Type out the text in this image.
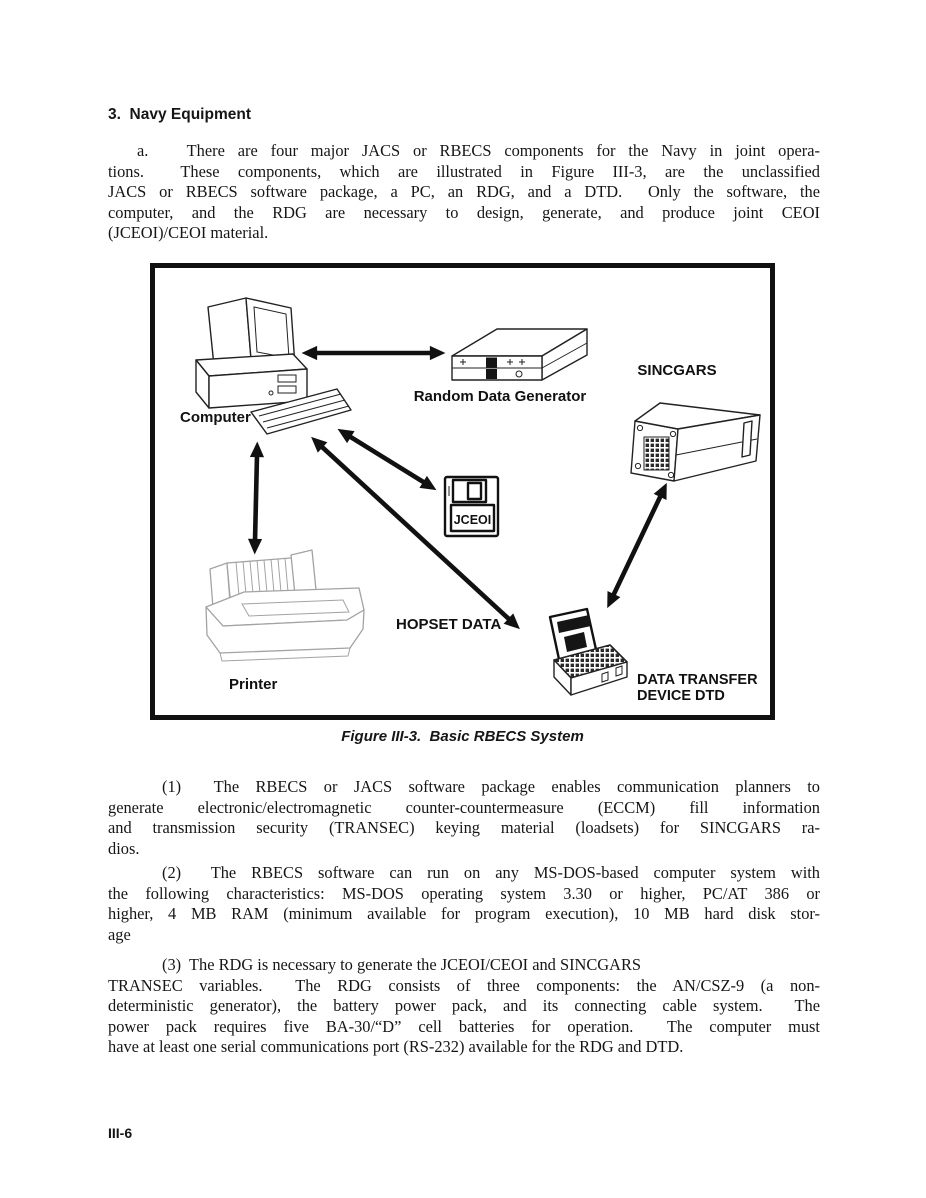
3.  Navy Equipment
a.   There are four major JACS or RBECS components for the Navy in joint opera-
tions.  These components, which are illustrated in Figure III-3, are the unclassified
JACS or RBECS software package, a PC, an RDG, and a DTD.  Only the software, the
computer, and the RDG are necessary to design, generate, and produce joint CEOI
(JCEOI)/CEOI material.
Computer
Random Data Generator
SINCGARS
JCEOI
HOPSET DATA
Printer	DATA TRANSFER
DEVICE DTD
Figure III-3.  Basic RBECS System
(1)  The RBECS or JACS software package enables communication planners to
generate electronic/electromagnetic counter-countermeasure (ECCM) fill information
and transmission security (TRANSEC) keying material (loadsets) for SINCGARS ra-
dios.
(2)  The RBECS software can run on any MS-DOS-based computer system with
the following characteristics: MS-DOS operating system 3.30 or higher, PC/AT 386 or
higher, 4 MB RAM (minimum available for program execution), 10 MB hard disk stor-
age
(3)  The RDG is necessary to generate the JCEOI/CEOI and SINCGARS
TRANSEC variables.  The RDG consists of three components: the AN/CSZ-9 (a non-
deterministic generator), the battery power pack, and its connecting cable system.  The
power pack requires five BA-30/“D” cell batteries for operation.  The computer must
have at least one serial communications port (RS-232) available for the RDG and DTD.
III-6
